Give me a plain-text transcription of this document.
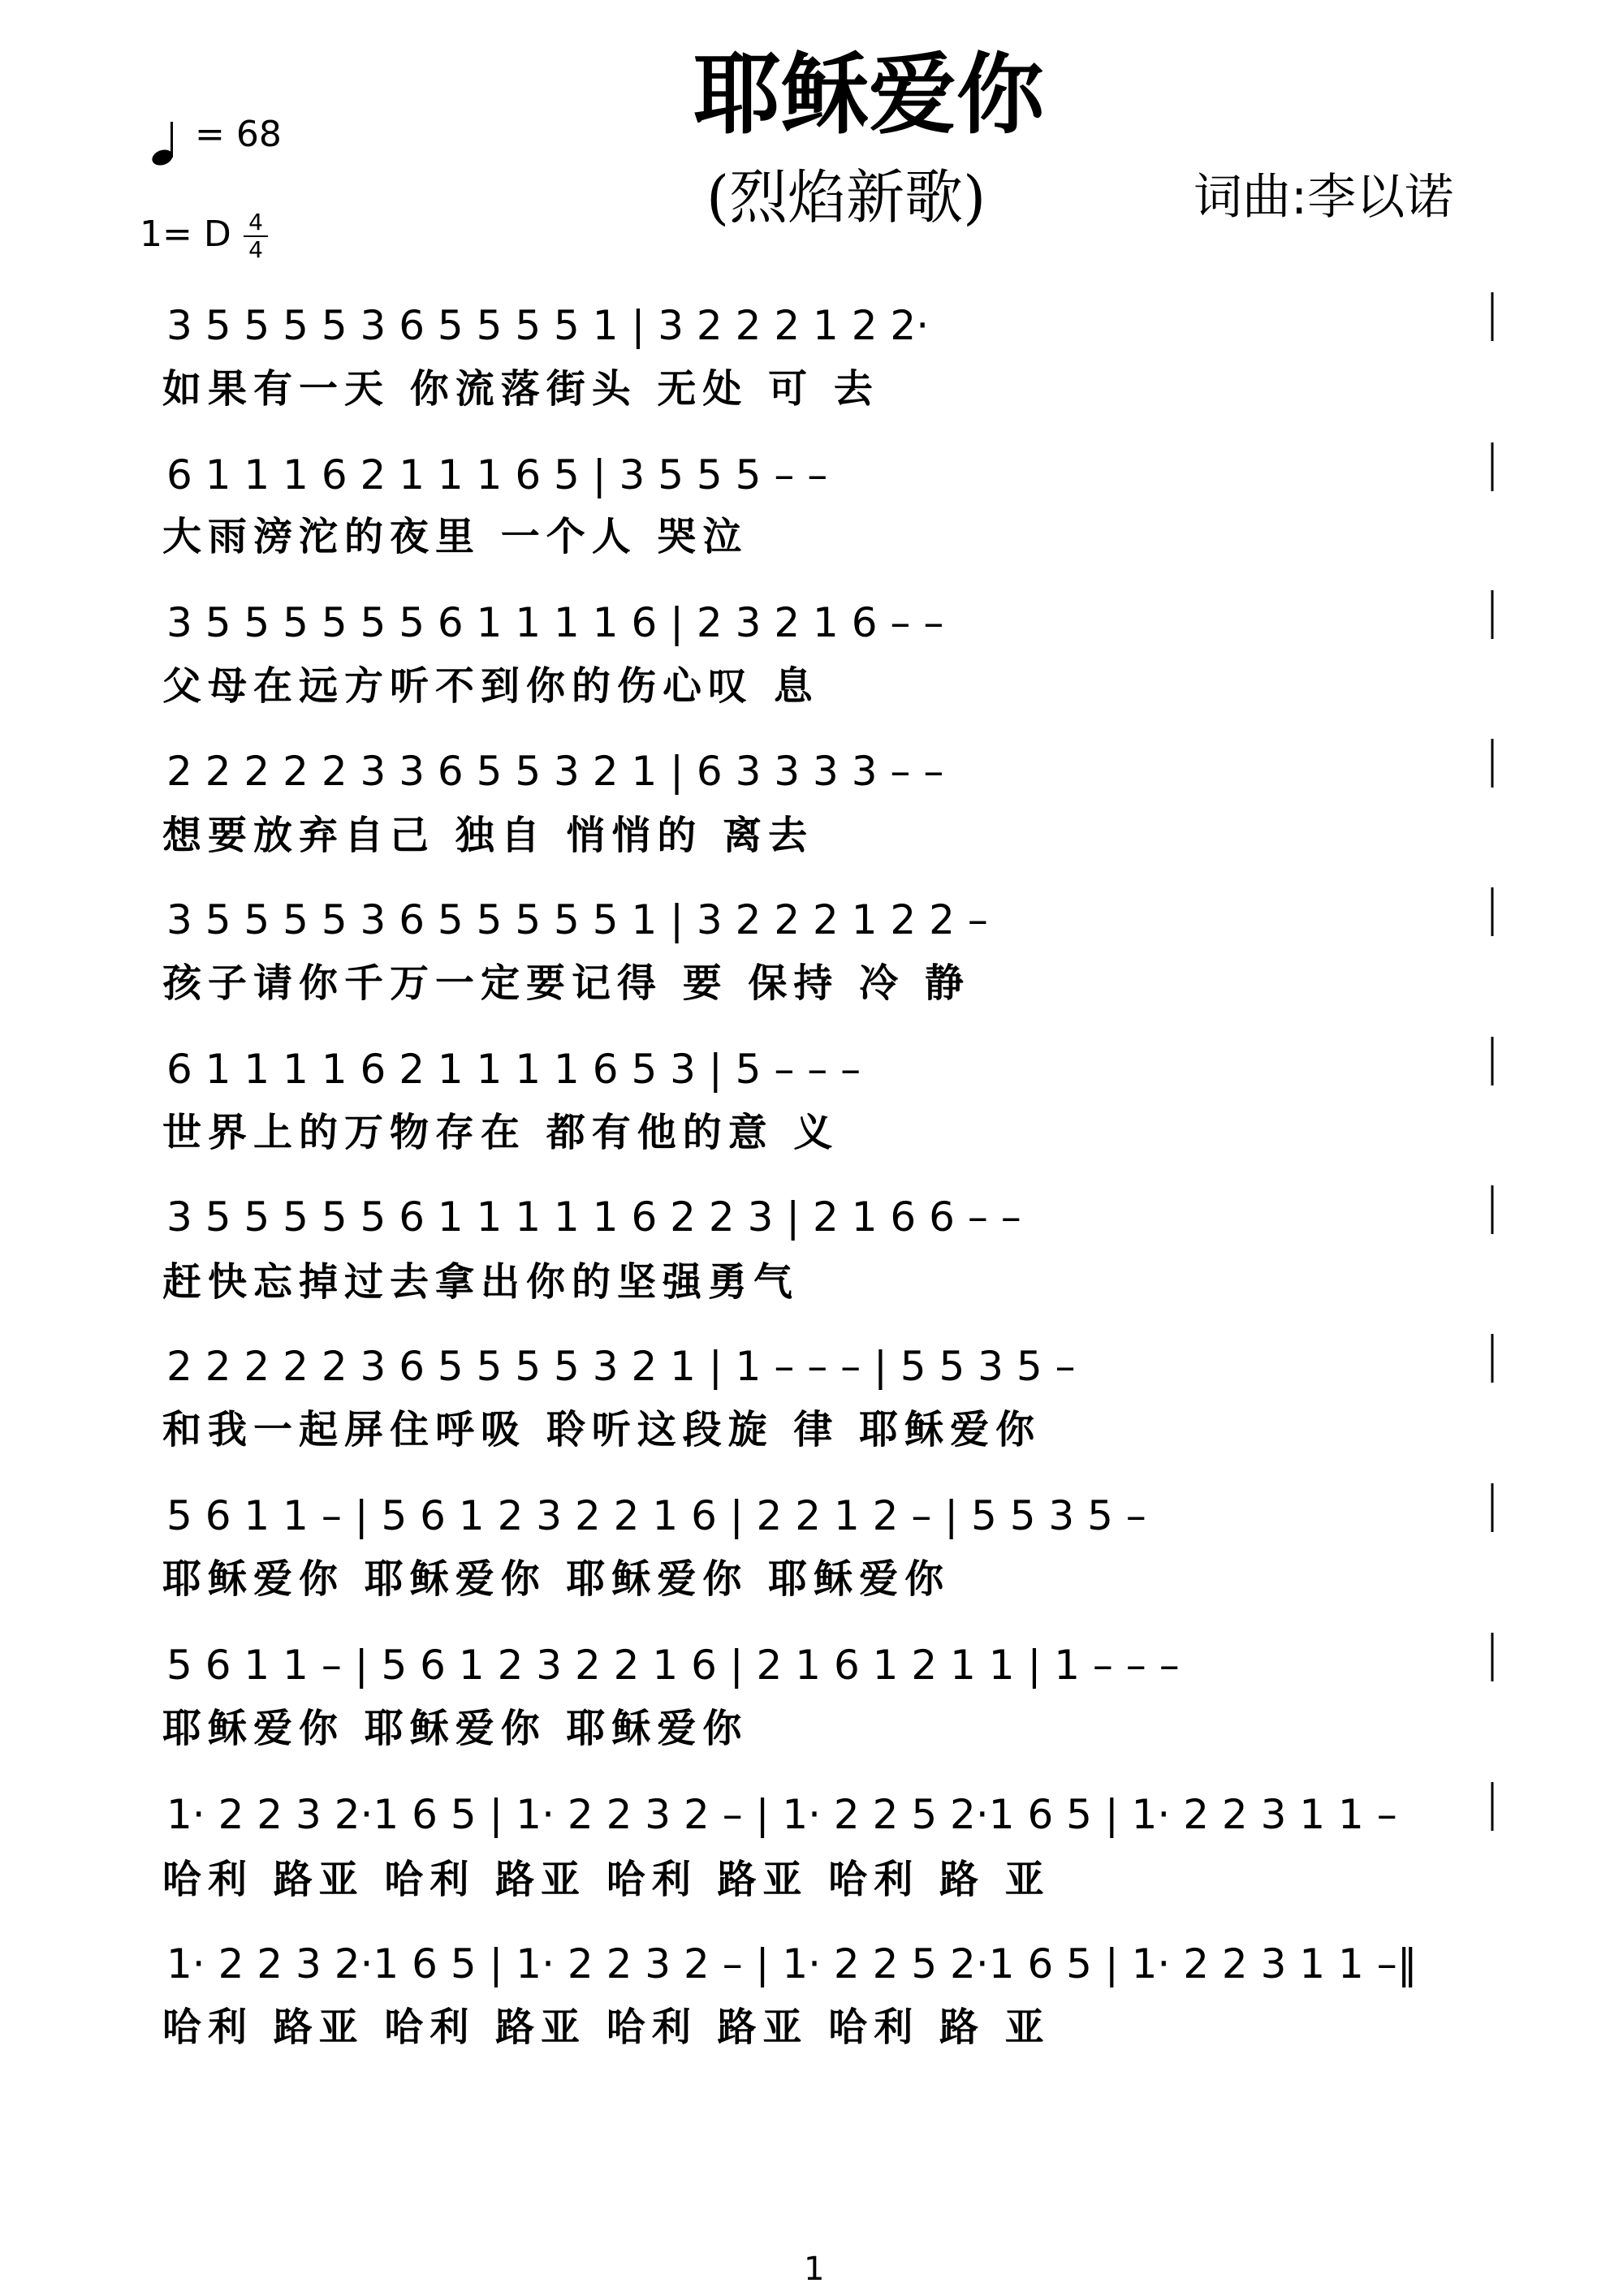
耶稣爱你
(烈焰新歌)	词曲:李以诺
= 68
1= D 4
4
3 5 5 5 5 3 6 5 5 5 5 1 | 3 2 2 2 1 2 2·
如果有一天 你流落街头 无处 可 去
6 1 1 1 6 2 1 1 1 6 5 | 3 5 5 5 – –
大雨滂沱的夜里 一个人 哭泣
3 5 5 5 5 5 5 6 1 1 1 1 6 | 2 3 2 1 6 – –
父母在远方听不到你的伤心叹 息
2 2 2 2 2 3 3 6 5 5 3 2 1 | 6 3 3 3 3 – –
想要放弃自己 独自 悄悄的 离去
3 5 5 5 5 3 6 5 5 5 5 5 1 | 3 2 2 2 1 2 2 –
孩子请你千万一定要记得 要 保持 冷 静
6 1 1 1 1 6 2 1 1 1 1 6 5 3 | 5 – – –
世界上的万物存在 都有他的意 义
3 5 5 5 5 5 6 1 1 1 1 1 6 2 2 3 | 2 1 6 6 – –
赶快忘掉过去拿出你的坚强勇气
2 2 2 2 2 3 6 5 5 5 5 3 2 1 | 1 – – – | 5 5 3 5 –
和我一起屏住呼吸 聆听这段旋 律 耶稣爱你
5 6 1 1 – | 5 6 1 2 3 2 2 1 6 | 2 2 1 2 – | 5 5 3 5 –
耶稣爱你 耶稣爱你 耶稣爱你 耶稣爱你
5 6 1 1 – | 5 6 1 2 3 2 2 1 6 | 2 1 6 1 2 1 1 | 1 – – –
耶稣爱你 耶稣爱你 耶稣爱你
1· 2 2 3 2·1 6 5 | 1· 2 2 3 2 – | 1· 2 2 5 2·1 6 5 | 1· 2 2 3 1 1 –
哈利 路亚 哈利 路亚 哈利 路亚 哈利 路 亚
1· 2 2 3 2·1 6 5 | 1· 2 2 3 2 – | 1· 2 2 5 2·1 6 5 | 1· 2 2 3 1 1 –‖
哈利 路亚 哈利 路亚 哈利 路亚 哈利 路 亚
1
